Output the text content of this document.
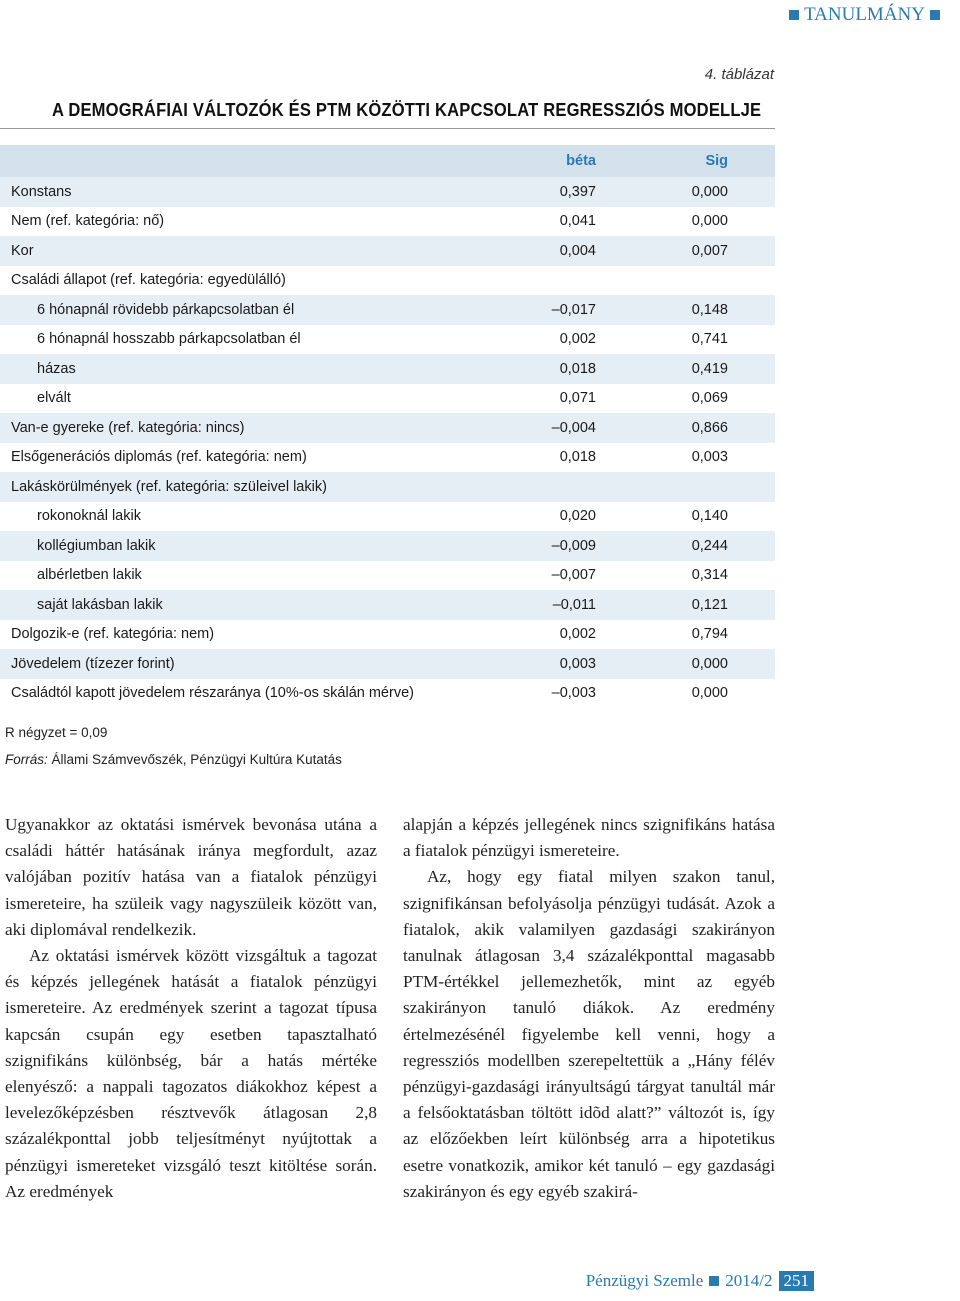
TANULMÁNY
4. táblázat
A DEMOGRÁFIAI VÁLTOZÓK ÉS PTM KÖZÖTTI KAPCSOLAT REGRESSZIÓS MODELLJE
béta	Sig
Konstans	0,397	0,000
Nem (ref. kategória: nő)	0,041	0,000
Kor	0,004	0,007
Családi állapot (ref. kategória: egyedülálló)
6 hónapnál rövidebb párkapcsolatban él	–0,017	0,148
6 hónapnál hosszabb párkapcsolatban él	0,002	0,741
házas	0,018	0,419
elvált	0,071	0,069
Van-e gyereke (ref. kategória: nincs)	–0,004	0,866
Elsőgenerációs diplomás (ref. kategória: nem)	0,018	0,003
Lakáskörülmények (ref. kategória: szüleivel lakik)
rokonoknál lakik	0,020	0,140
kollégiumban lakik	–0,009	0,244
albérletben lakik	–0,007	0,314
saját lakásban lakik	–0,011	0,121
Dolgozik-e (ref. kategória: nem)	0,002	0,794
Jövedelem (tízezer forint)	0,003	0,000
Családtól kapott jövedelem részaránya (10%-os skálán mérve)	–0,003	0,000
R négyzet = 0,09
Forrás: Állami Számvevőszék, Pénzügyi Kultúra Kutatás

Ugyanakkor az oktatási ismérvek bevonása utána a családi háttér hatásának iránya megfordult, azaz valójában pozitív hatása van a fiatalok pénzügyi ismereteire, ha szüleik vagy nagyszüleik között van, aki diplomával rendelkezik.

Az oktatási ismérvek között vizsgáltuk a tagozat és képzés jellegének hatását a fiatalok pénzügyi ismereteire. Az eredmények szerint a tagozat típusa kapcsán csupán egy esetben tapasztalható szignifikáns különbség, bár a hatás mértéke elenyésző: a nappali tagozatos diákokhoz képest a levelezőképzésben résztvevők átlagosan 2,8 százalékponttal jobb teljesítményt nyújtottak a pénzügyi ismereteket vizsgáló teszt kitöltése során. Az eredmények

alapján a képzés jellegének nincs szignifikáns hatása a fiatalok pénzügyi ismereteire.

Az, hogy egy fiatal milyen szakon tanul, szignifikánsan befolyásolja pénzügyi tudását. Azok a fiatalok, akik valamilyen gazdasági szakirányon tanulnak átlagosan 3,4 százalékponttal magasabb PTM-értékkel jellemezhetők, mint az egyéb szakirányon tanuló diákok. Az eredmény értelmezésénél figyelembe kell venni, hogy a regressziós modellben szerepeltettük a „Hány félév pénzügyi-gazdasági irányultságú tárgyat tanultál már a felsőoktatásban töltött idõd alatt?” változót is, így az előzőekben leírt különbség arra a hipotetikus esetre vonatkozik, amikor két tanuló – egy gazdasági szakirányon és egy egyéb szakirá-

Pénzügyi Szemle 2014/2 251
